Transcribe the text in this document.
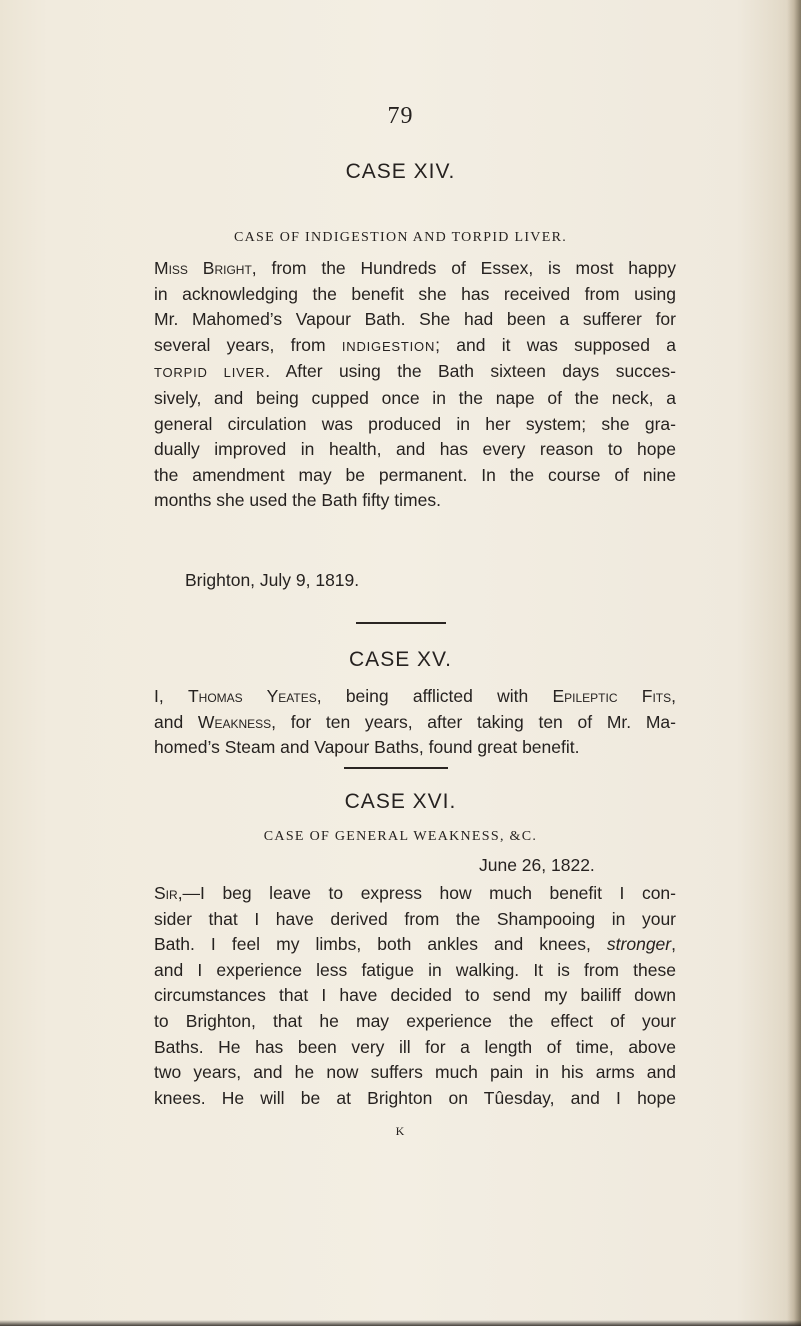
79
CASE XIV.
CASE OF INDIGESTION AND TORPID LIVER.
Miss Bright, from the Hundreds of Essex, is most happy
in acknowledging the benefit she has received from using
Mr. Mahomed’s Vapour Bath. She had been a sufferer for
several years, from INDIGESTION; and it was supposed a
TORPID LIVER. After using the Bath sixteen days succes-
sively, and being cupped once in the nape of the neck, a
general circulation was produced in her system; she gra-
dually improved in health, and has every reason to hope
the amendment may be permanent. In the course of nine
months she used the Bath fifty times.
Brighton, July 9, 1819.
CASE XV.
I, Thomas Yeates, being afflicted with Epileptic Fits,
and Weakness, for ten years, after taking ten of Mr. Ma-
homed’s Steam and Vapour Baths, found great benefit.
CASE XVI.
CASE OF GENERAL WEAKNESS, &C.
June 26, 1822.
Sir,—I beg leave to express how much benefit I con-
sider that I have derived from the Shampooing in your
Bath. I feel my limbs, both ankles and knees, stronger,
and I experience less fatigue in walking. It is from these
circumstances that I have decided to send my bailiff down
to Brighton, that he may experience the effect of your
Baths. He has been very ill for a length of time, above
two years, and he now suffers much pain in his arms and
knees. He will be at Brighton on Tûesday, and I hope
K
